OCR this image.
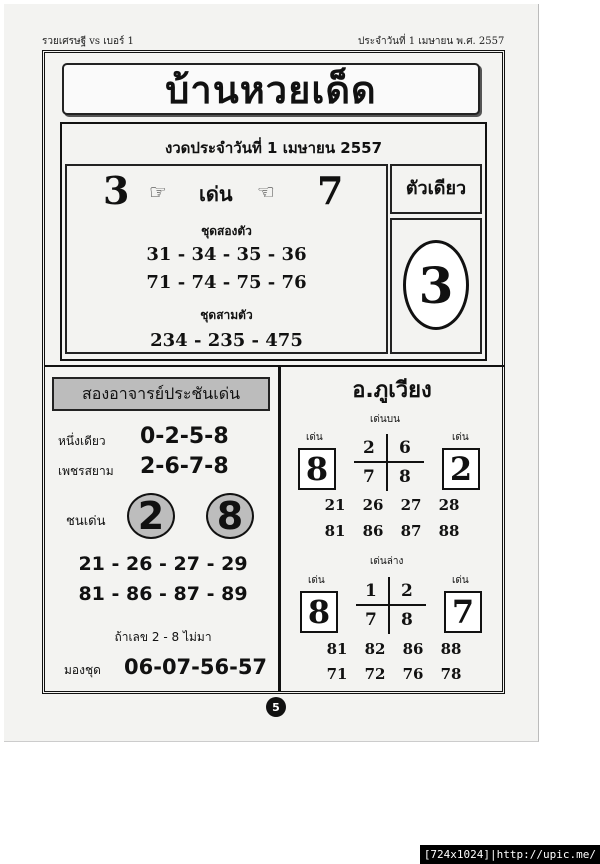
รวยเศรษฐี vs เบอร์ 1	ประจำวันที่ 1 เมษายน พ.ศ. 2557
บ้านหวยเด็ด
งวดประจำวันที่ 1 เมษายน 2557
3 ☞ เด่น ☜ 7
ชุดสองตัว
31 - 34 - 35 - 36
71 - 74 - 75 - 76
ชุดสามตัว
234 - 235 - 475
ตัวเดียว
3
สองอาจารย์ประชันเด่น
หนึ่งเดียว 0-2-5-8
เพชรสยาม 2-6-7-8
ชนเด่น 2 8
21 - 26 - 27 - 29
81 - 86 - 87 - 89
ถ้าเลข 2 - 8 ไม่มา
มองชุด 06-07-56-57
อ.ภูเวียง
เด่นบน
เด่น	เด่น
8	2
2 6
7 8
21 26 27 28
81 86 87 88
เด่นล่าง
เด่น	เด่น
8	7
1 2
7 8
81 82 86 88
71 72 76 78
5
[724x1024]|http://upic.me/
